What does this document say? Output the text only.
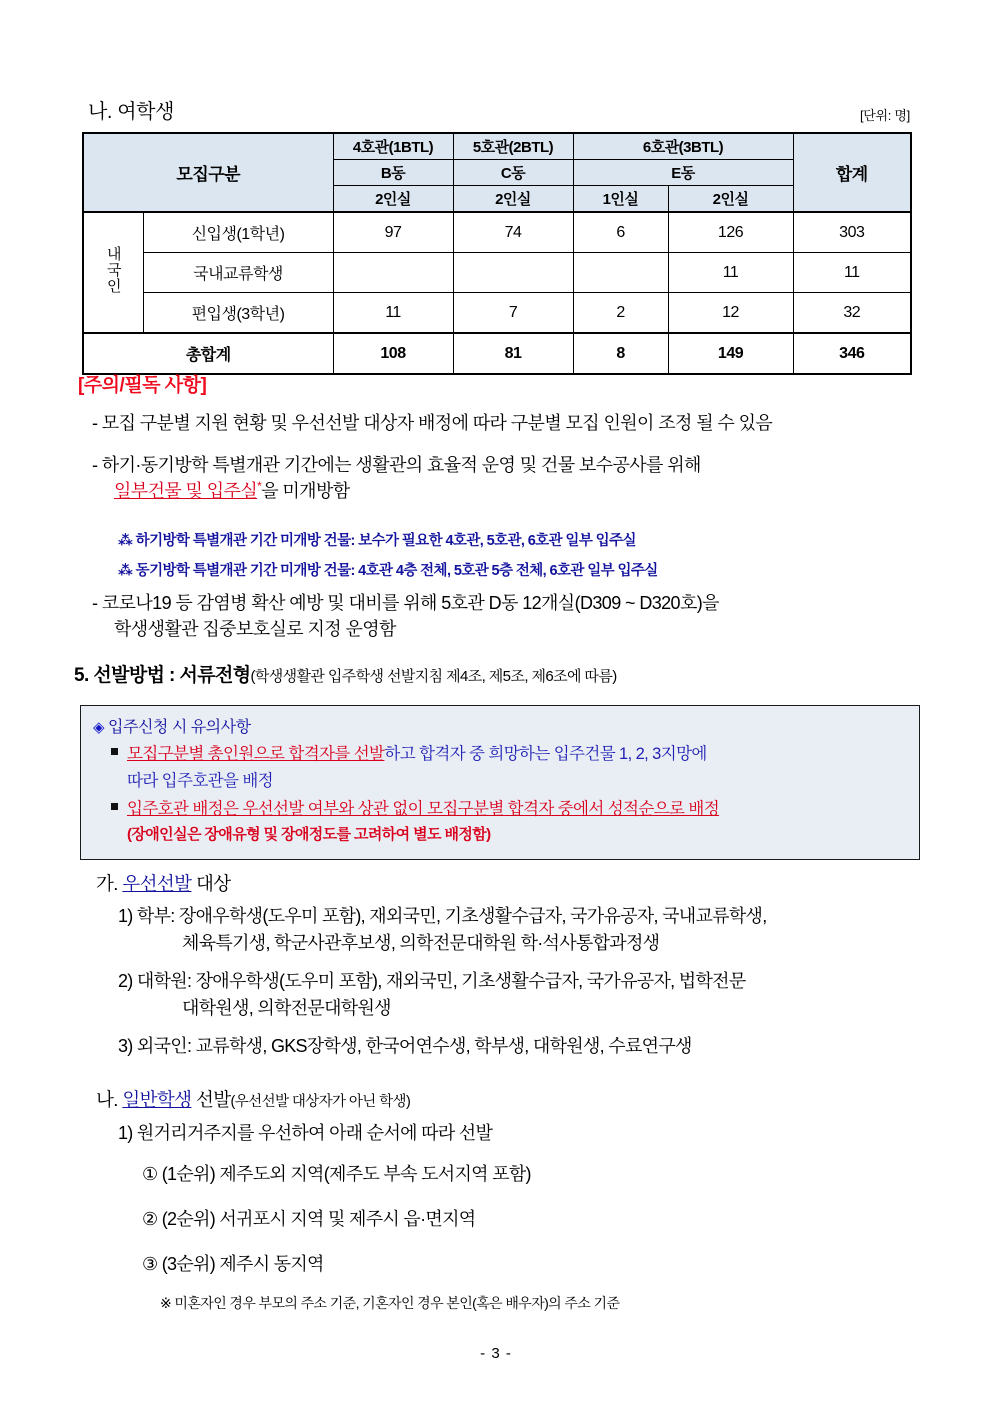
나. 여학생	[단위: 명]
모집구분		4호관(1BTL)	5호관(2BTL)	6호관(3BTL)		합계
		B동	C동	E동		
		2인실	2인실	1인실	2인실	
내국인	신입생(1학년)	97	74	6	126	303
	국내교류학생				11	11
	편입생(3학년)	11	7	2	12	32
총합계		108	81	8	149	346
[주의/필독 사항]
- 모집 구분별 지원 현황 및 우선선발 대상자 배정에 따라 구분별 모집 인원이 조정 될 수 있음
- 하기·동기방학 특별개관 기간에는 생활관의 효율적 운영 및 건물 보수공사를 위해
일부건물 및 입주실*을 미개방함
⁂ 하기방학 특별개관 기간 미개방 건물: 보수가 필요한 4호관, 5호관, 6호관 일부 입주실
⁂ 동기방학 특별개관 기간 미개방 건물: 4호관 4층 전체, 5호관 5층 전체, 6호관 일부 입주실
- 코로나19 등 감염병 확산 예방 및 대비를 위해 5호관 D동 12개실(D309 ~ D320호)을
학생생활관 집중보호실로 지정 운영함
5. 선발방법 : 서류전형(학생생활관 입주학생 선발지침 제4조, 제5조, 제6조에 따름)
◈ 입주신청 시 유의사항
모집구분별 총인원으로 합격자를 선발하고 합격자 중 희망하는 입주건물 1, 2, 3지망에
따라 입주호관을 배정
입주호관 배정은 우선선발 여부와 상관 없이 모집구분별 합격자 중에서 성적순으로 배정
(장애인실은 장애유형 및 장애정도를 고려하여 별도 배정함)
가. 우선선발 대상
1) 학부: 장애우학생(도우미 포함), 재외국민, 기초생활수급자, 국가유공자, 국내교류학생,
체육특기생, 학군사관후보생, 의학전문대학원 학·석사통합과정생
2) 대학원: 장애우학생(도우미 포함), 재외국민, 기초생활수급자, 국가유공자, 법학전문
대학원생, 의학전문대학원생
3) 외국인: 교류학생, GKS장학생, 한국어연수생, 학부생, 대학원생, 수료연구생
나. 일반학생 선발(우선선발 대상자가 아닌 학생)
1) 원거리거주지를 우선하여 아래 순서에 따라 선발
① (1순위) 제주도외 지역(제주도 부속 도서지역 포함)
② (2순위) 서귀포시 지역 및 제주시 읍·면지역
③ (3순위) 제주시 동지역
※ 미혼자인 경우 부모의 주소 기준, 기혼자인 경우 본인(혹은 배우자)의 주소 기준
- 3 -
